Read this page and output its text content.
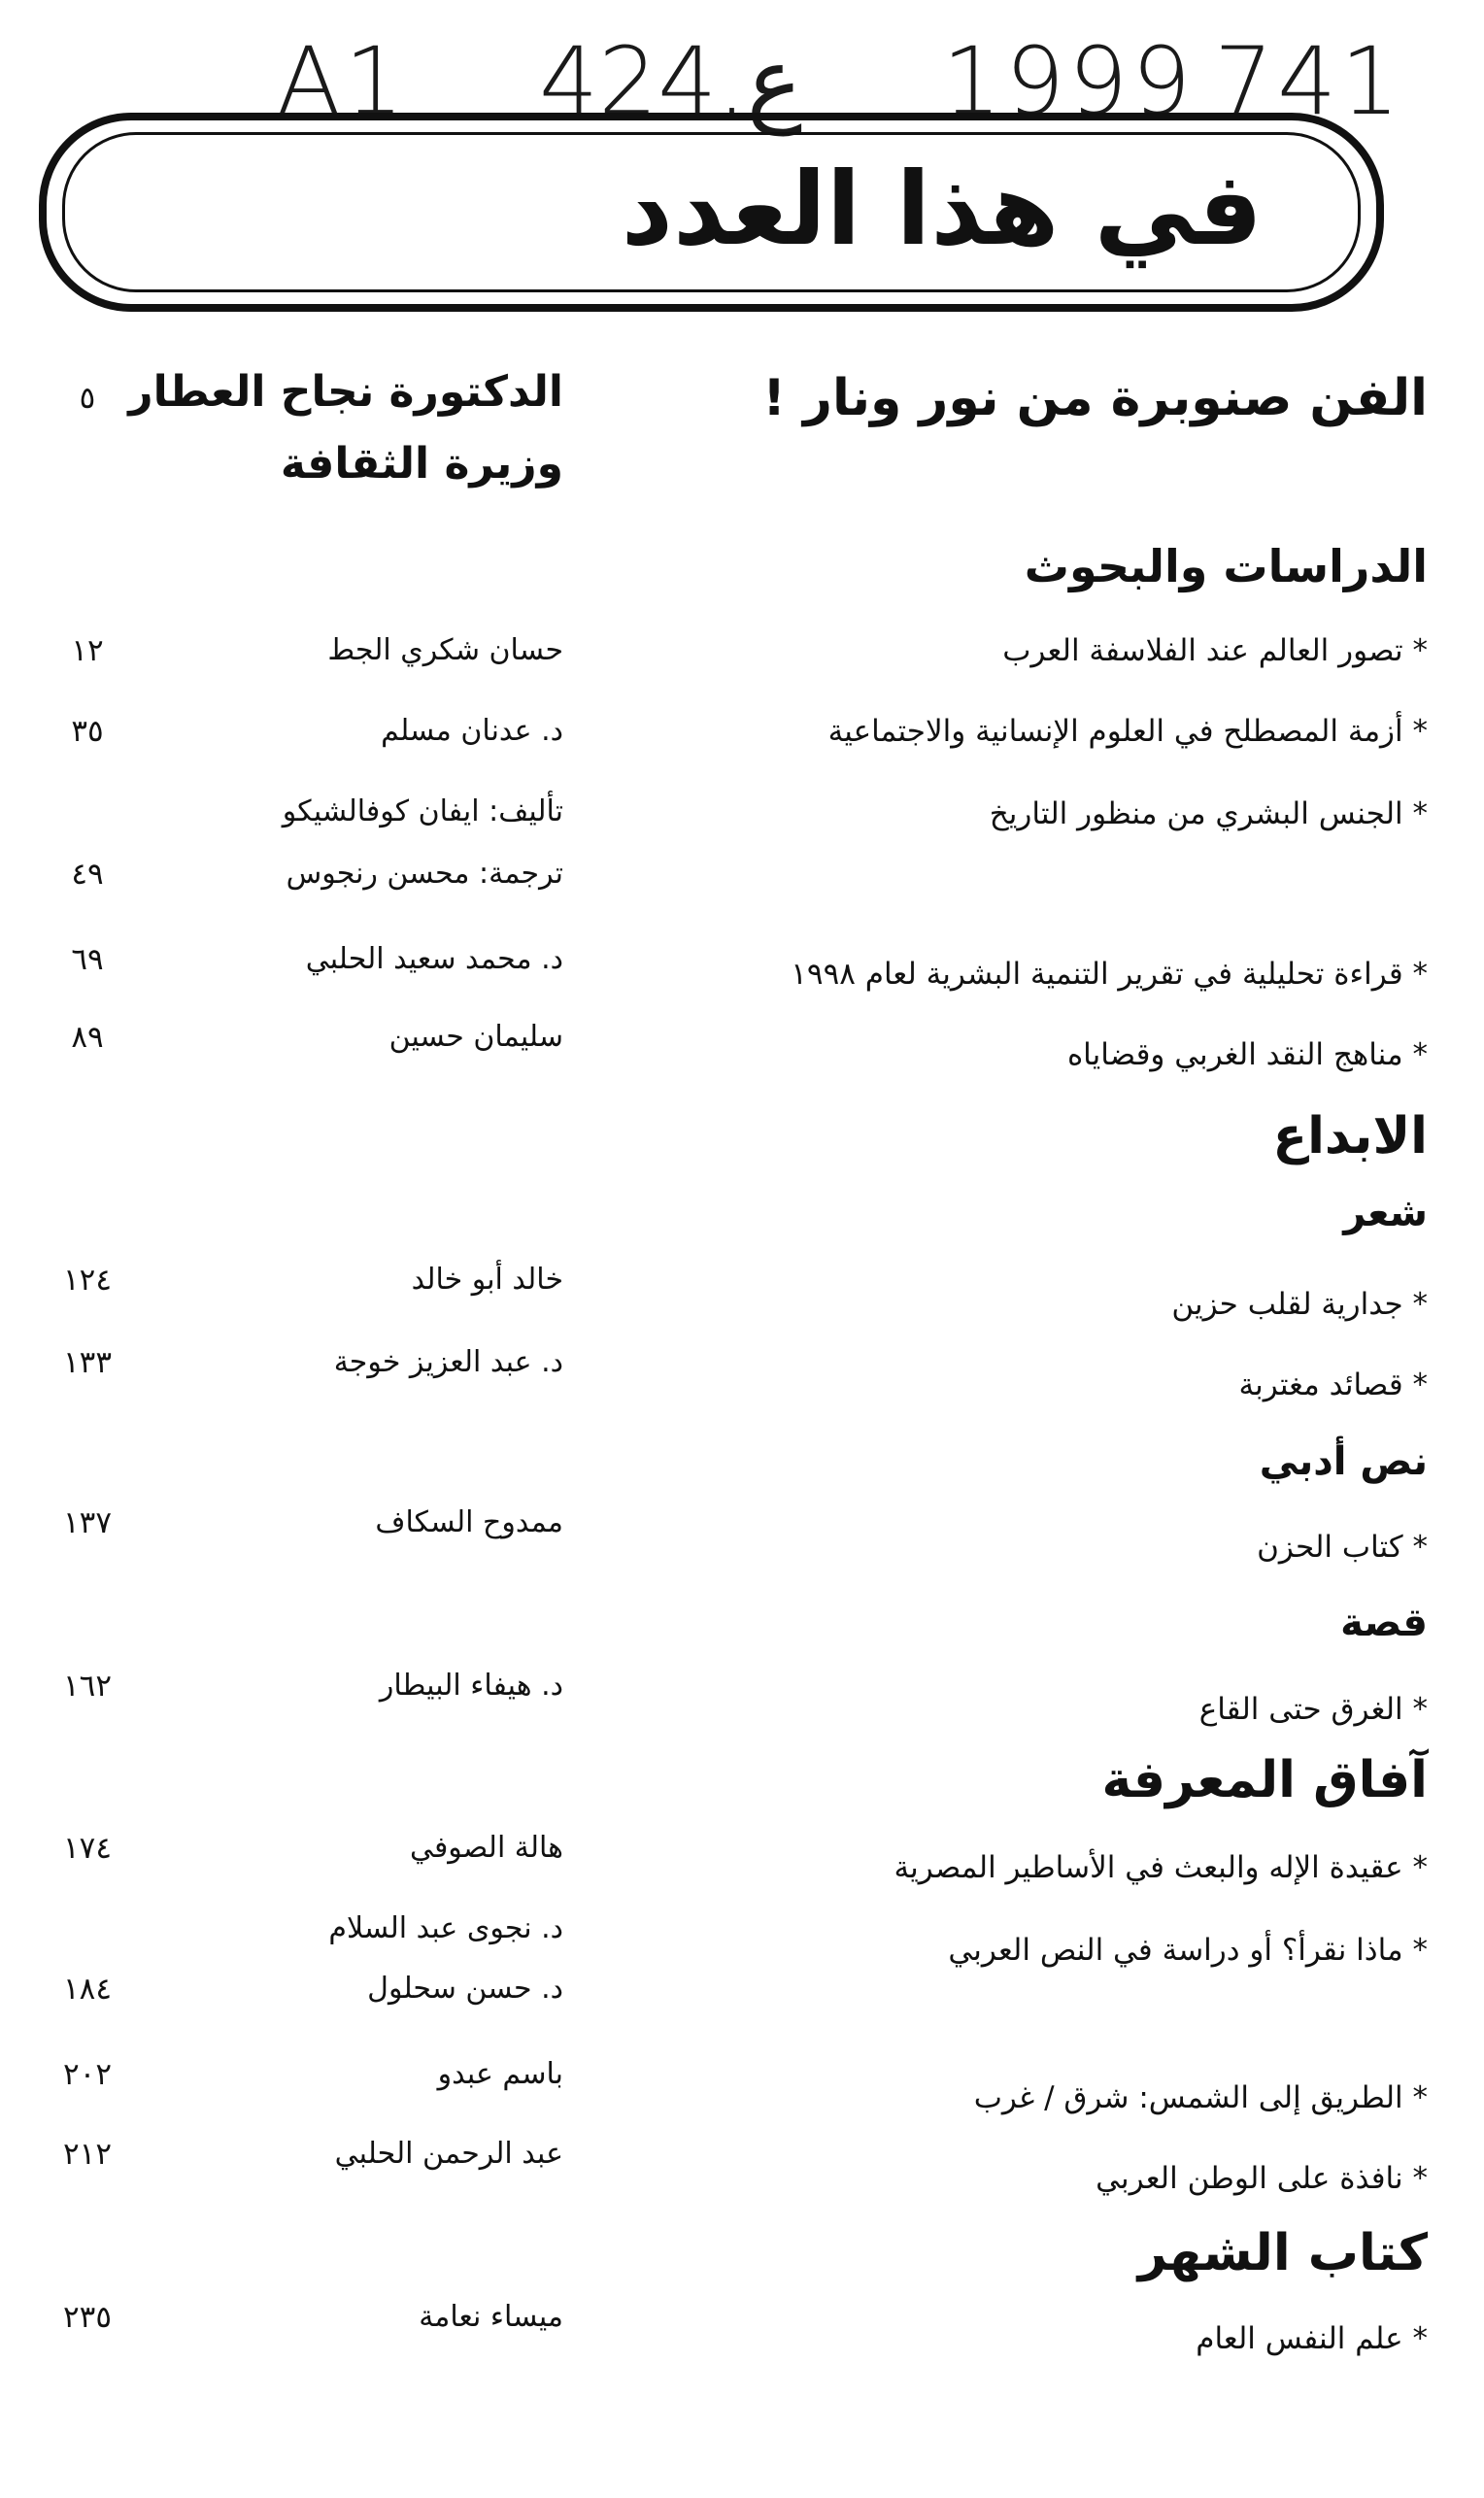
A1 424.ع 1999 741
في هذا العدد
الفن صنوبرة من نور ونار !
الدكتورة نجاح العطار
وزيرة الثقافة
٥
الدراسات والبحوث
* تصور العالم عند الفلاسفة العرب
حسان شكري الجط
١٢
* أزمة المصطلح في العلوم الإنسانية والاجتماعية
د. عدنان مسلم
٣٥
* الجنس البشري من منظور التاريخ
تأليف: ايفان كوفالشيكو
ترجمة: محسن رنجوس
٤٩
* قراءة تحليلية في تقرير التنمية البشرية لعام ١٩٩٨
د. محمد سعيد الحلبي
٦٩
* مناهج النقد الغربي وقضاياه
سليمان حسين
٨٩
الابداع
شعر
* جدارية لقلب حزين
خالد أبو خالد
١٢٤
* قصائد مغتربة
د. عبد العزيز خوجة
١٣٣
نص أدبي
* كتاب الحزن
ممدوح السكاف
١٣٧
قصة
* الغرق حتى القاع
د. هيفاء البيطار
١٦٢
آفاق المعرفة
* عقيدة الإله والبعث في الأساطير المصرية
هالة الصوفي
١٧٤
* ماذا نقرأ؟ أو دراسة في النص العربي
د. نجوى عبد السلام
د. حسن سحلول
١٨٤
* الطريق إلى الشمس: شرق / غرب
باسم عبدو
٢٠٢
* نافذة على الوطن العربي
عبد الرحمن الحلبي
٢١٢
كتاب الشهر
* علم النفس العام
ميساء نعامة
٢٣٥
